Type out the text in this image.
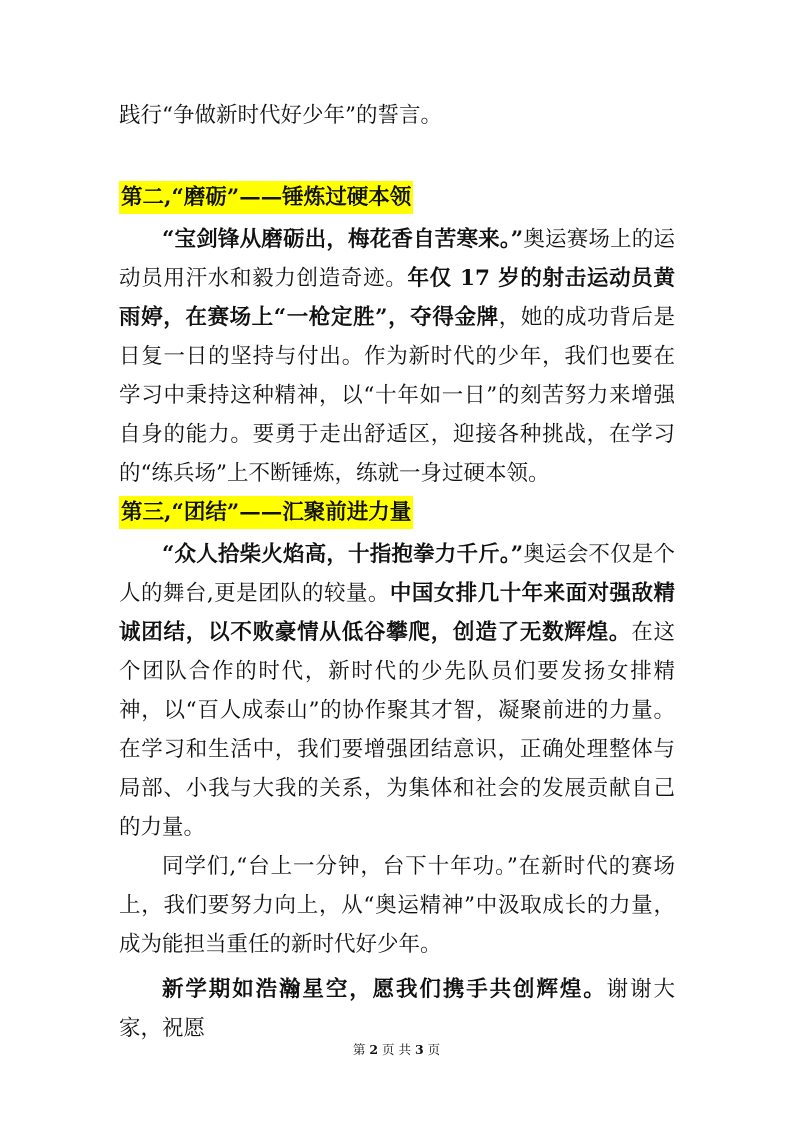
践行“争做新时代好少年”的誓言。

第二,“磨砺”——锤炼过硬本领

“宝剑锋从磨砺出，梅花香自苦寒来。”奥运赛场上的运动员用汗水和毅力创造奇迹。年仅 17 岁的射击运动员黄雨婷，在赛场上“一枪定胜”，夺得金牌，她的成功背后是日复一日的坚持与付出。作为新时代的少年，我们也要在学习中秉持这种精神，以“十年如一日”的刻苦努力来增强自身的能力。要勇于走出舒适区，迎接各种挑战，在学习的“练兵场”上不断锤炼，练就一身过硬本领。

第三,“团结”——汇聚前进力量

“众人拾柴火焰高，十指抱拳力千斤。”奥运会不仅是个人的舞台,更是团队的较量。中国女排几十年来面对强敌精诚团结，以不败豪情从低谷攀爬，创造了无数辉煌。在这个团队合作的时代，新时代的少先队员们要发扬女排精神，以“百人成泰山”的协作聚其才智，凝聚前进的力量。在学习和生活中，我们要增强团结意识，正确处理整体与局部、小我与大我的关系，为集体和社会的发展贡献自己的力量。

同学们,“台上一分钟，台下十年功。”在新时代的赛场上，我们要努力向上，从“奥运精神”中汲取成长的力量，成为能担当重任的新时代好少年。

新学期如浩瀚星空，愿我们携手共创辉煌。谢谢大家，祝愿

第 2 页 共 3 页
